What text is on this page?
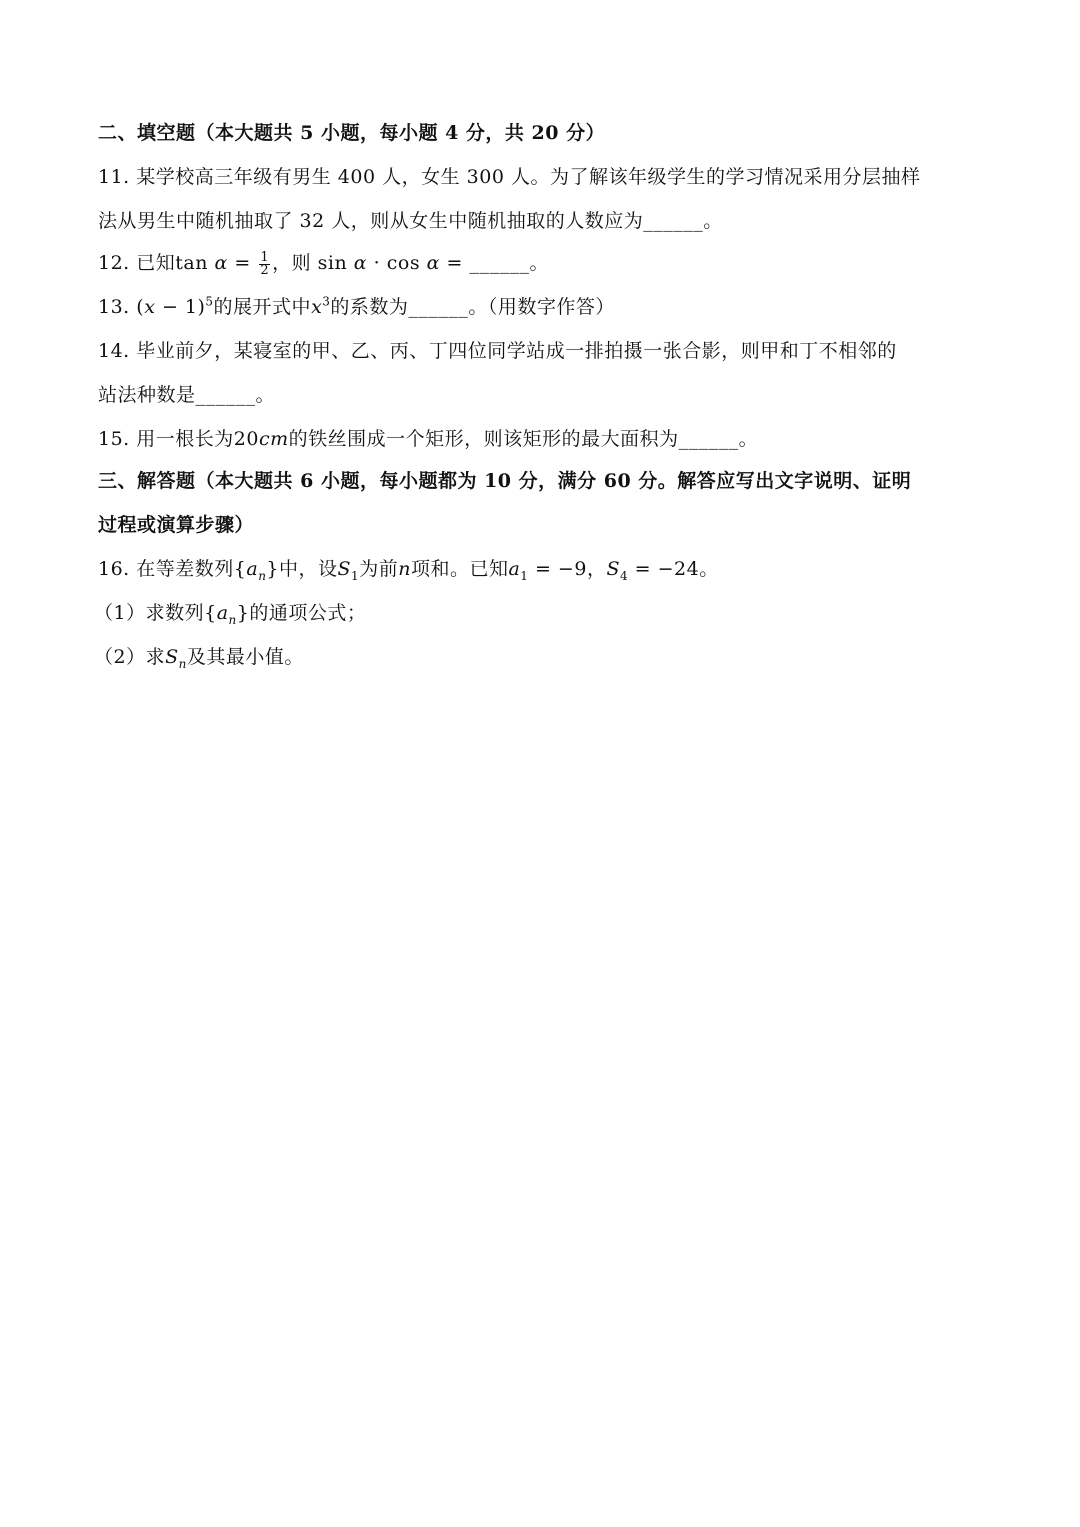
二、填空题（本大题共 5 小题，每小题 4 分，共 20 分）
11. 某学校高三年级有男生 400 人，女生 300 人。为了解该年级学生的学习情况采用分层抽样
法从男生中随机抽取了 32 人，则从女生中随机抽取的人数应为______。
12. 已知$\tan \alpha = \frac{1}{2}$ ，则 sin α · cos α = ______。
13. $(x - 1)^5$的展开式中$x^3$的系数为______。（用数字作答）
14. 毕业前夕，某寝室的甲、乙、丙、丁四位同学站成一排拍摄一张合影，则甲和丁不相邻的
站法种数是______。
15. 用一根长为20cm的铁丝围成一个矩形，则该矩形的最大面积为______。
三、解答题（本大题共 6 小题，每小题都为 10 分，满分 60 分。解答应写出文字说明、证明
过程或演算步骤）
16. 在等差数列$\{a_n\}$中，设$S_1$为前n项和。已知$a_1 = -9$，$S_4 = -24$。
（1）求数列$\{a_n\}$的通项公式；
（2）求$S_n$及其最小值。
